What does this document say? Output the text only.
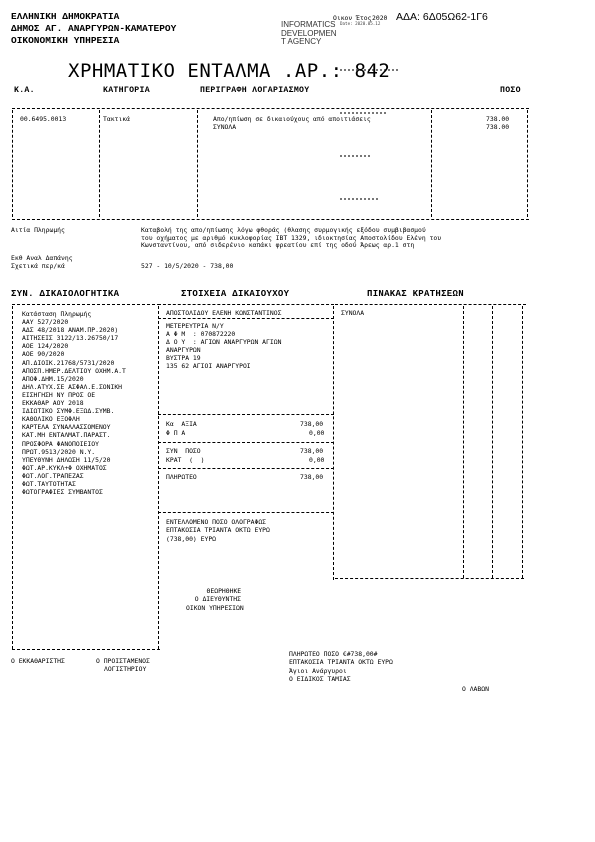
ΕΛΛΗΝΙΚΗ ΔΗΜΟΚΡΑΤΙΑ
ΔΗΜΟΣ ΑΓ. ΑΝΑΡΓΥΡΩΝ-ΚΑΜΑΤΕΡΟΥ
ΟΙΚΟΝΟΜΙΚΗ ΥΠΗΡΕΣΙΑ
Οικον Έτος 2020 ΑΔΑ: 6Δ05Ω62-1Γ6
INFORMATICS
DEVELOPMEN
T AGENCY
Date: 2020.05.12

ΧΡΗΜΑΤΙΚΟ ΕΝΤΑΛΜΑ .ΑΡ.: 842
Κ.Α.	ΚΑΤΗΓΟΡΙΑ	ΠΕΡΙΓΡΑΦΗ ΛΟΓΑΡΙΑΣΜΟΥ	ΠΟΣΟ
00.6495.0013	Τακτικά	Απο/ηπίωση σε δικαιούχους από αποιτιάσεις	738.00
ΣΥΝΟΛΑ	738.00
Αιτία Πληρωμής	Καταβολή της απο/ηπίωσης λόγω φθοράς (θλασης συρμογικής εξόδου συμβιβασμού
του οχήματος με αριθμό κυκλοφορίας ΙΒΤ 1329, ιδιοκτησίας Αποστολίδου Ελένη του
Κωνσταντίνου, από σιδερένιο καπάκι φρεατίου επί της οδού Άρεως αρ.1 στη
Εκθ Αναλ Δαπάνης
Σχετικά περ/κά	527 - 10/5/2020 - 738,00
ΣΥΝ. ΔΙΚΑΙΟΛΟΓΗΤΙΚΑ	ΣΤΟΙΧΕΙΑ ΔΙΚΑΙΟΥΧΟΥ	ΠΙΝΑΚΑΣ ΚΡΑΤΗΣΕΩΝ
Κατάσταση Πληρωμής
ΑΑΥ 527/2020
ΑΔΣ 48/2018 ΑΝΑΜ.ΠΡ.2020)
ΑΙΤΗΣΕΙΣ 3122/13.26750/17
ΑΟΕ 124/2020
ΑΟΕ 90/2020
ΑΠ.ΔΙΟΙΚ.21768/5731/2020
ΑΠΟΣΠ.ΗΜΕΡ.ΔΕΛΤΙΟΥ ΟΧΗΜ.Α.Τ
ΑΠΟΦ.ΔΗΜ.15/2020
ΔΗΛ.ΑΤΥΧ.ΣΕ ΑΣΦΑΛ.Ε.ΣΟΝΙΚΗ
ΕΙΣΗΓΗΣΗ ΝΥ ΠΡΟΣ ΟΕ
ΕΚΚΑΘΑΡ ΑΟΥ 2018
ΙΔΙΩΤΙΚΟ ΣΥΜΦ.ΕΞΩΔ.ΣΥΜΒ.
ΚΑΘΟΛΙΚΟ ΕΞΟΦΛΗ
ΚΑΡΤΕΛΑ ΣΥΝΑΛΛΑΣΣΟΜΕΝΟΥ
ΚΑΤ.ΜΗ ΕΝΤΑΛΜΑΤ.ΠΑΡΑΣΤ.
ΠΡΟΣΦΟΡΑ ΦΑΝΟΠΟΙΕΙΟΥ
ΠΡΩΤ.9513/2020 Ν.Υ.
ΥΠΕΥΘΥΝΗ ΔΗΛΩΣΗ 11/5/20
ΦΩΤ.ΑΡ.ΚΥΚΛ+Φ ΟΧΗΜΑΤΟΣ
ΦΩΤ.ΛΟΓ.ΤΡΑΠΕΖΑΣ
ΦΩΤ.ΤΑΥΤΟΤΗΤΑΣ
ΦΩΤΟΓΡΑΦΙΕΣ ΣΥΜΒΑΝΤΟΣ
ΑΠΟΣΤΟΛΙΔΟΥ ΕΛΕΝΗ ΚΩΝΣΤΑΝΤΙΝΟΣ
ΜΕΤΕΡΕΥΤΡΙΑ Ν/Υ
Α Φ Μ  : 070872220
Δ Ο Υ  : ΑΓΙΩΝ ΑΝΑΡΓΥΡΩΝ ΑΓΙΩΝ
ΑΝΑΡΓΥΡΩΝ
ΒΥΣΤΡΑ 19
135 62 ΑΓΙΟΙ ΑΝΑΡΓΥΡΟΙ
Κα  ΑΞΙΑ	738,00
Φ Π Α	0,00
ΣΥΝ  ΠΟΣΟ	738,00
ΚΡΑΤ  (  )	0,00
ΠΛΗΡΩΤΕΟ	738,00
ΕΝΤΕΛΛΟΜΕΝΟ ΠΟΣΟ ΟΛΟΓΡΑΦΩΣ
ΕΠΤΑΚΟΣΙΑ ΤΡΙΑΝΤΑ ΟΚΤΩ ΕΥΡΩ
(738,00) ΕΥΡΩ
ΣΥΝΟΛΑ
ΘΕΩΡΗΘΗΚΕ
Ο ΔΙΕΥΘΥΝΤΗΣ
ΟΙΚΟΝ ΥΠΗΡΕΣΙΩΝ
Ο ΕΚΚΑΘΑΡΙΣΤΗΣ	Ο ΠΡΟΙΣΤΑΜΕΝΟΣ
ΛΟΓΙΣΤΗΡΙΟΥ
ΠΛΗΡΩΤΕΟ ΠΟΣΟ €#738,00#
ΕΠΤΑΚΟΣΙΑ ΤΡΙΑΝΤΑ ΟΚΤΩ ΕΥΡΩ
Άγιοι Ανάργυροι
Ο ΕΙΔΙΚΟΣ ΤΑΜΙΑΣ
Ο ΛΑΒΩΝ
